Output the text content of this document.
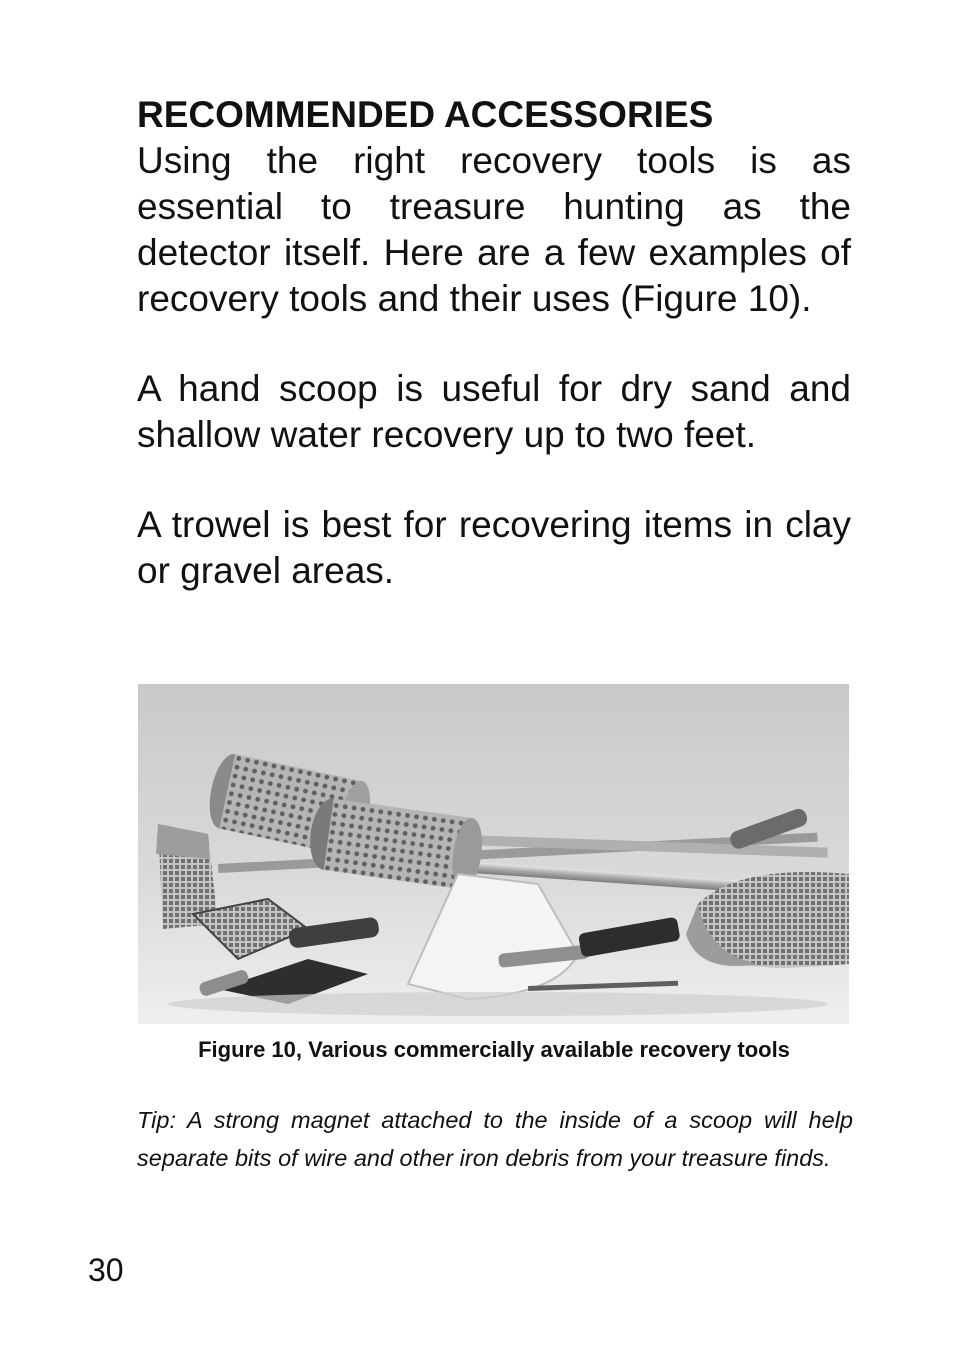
RECOMMENDED ACCESSORIES

Using the right recovery tools is as essential to treasure hunting as the detector itself. Here are a few examples of recovery tools and their uses (Figure 10).

A hand scoop is useful for dry sand and shallow water recovery up to two feet.

A trowel is best for recovering items in clay or gravel areas.

Figure 10, Various commercially available recovery tools

Tip: A strong magnet attached to the inside of a scoop will help separate bits of wire and other iron debris from your treasure finds.

30
